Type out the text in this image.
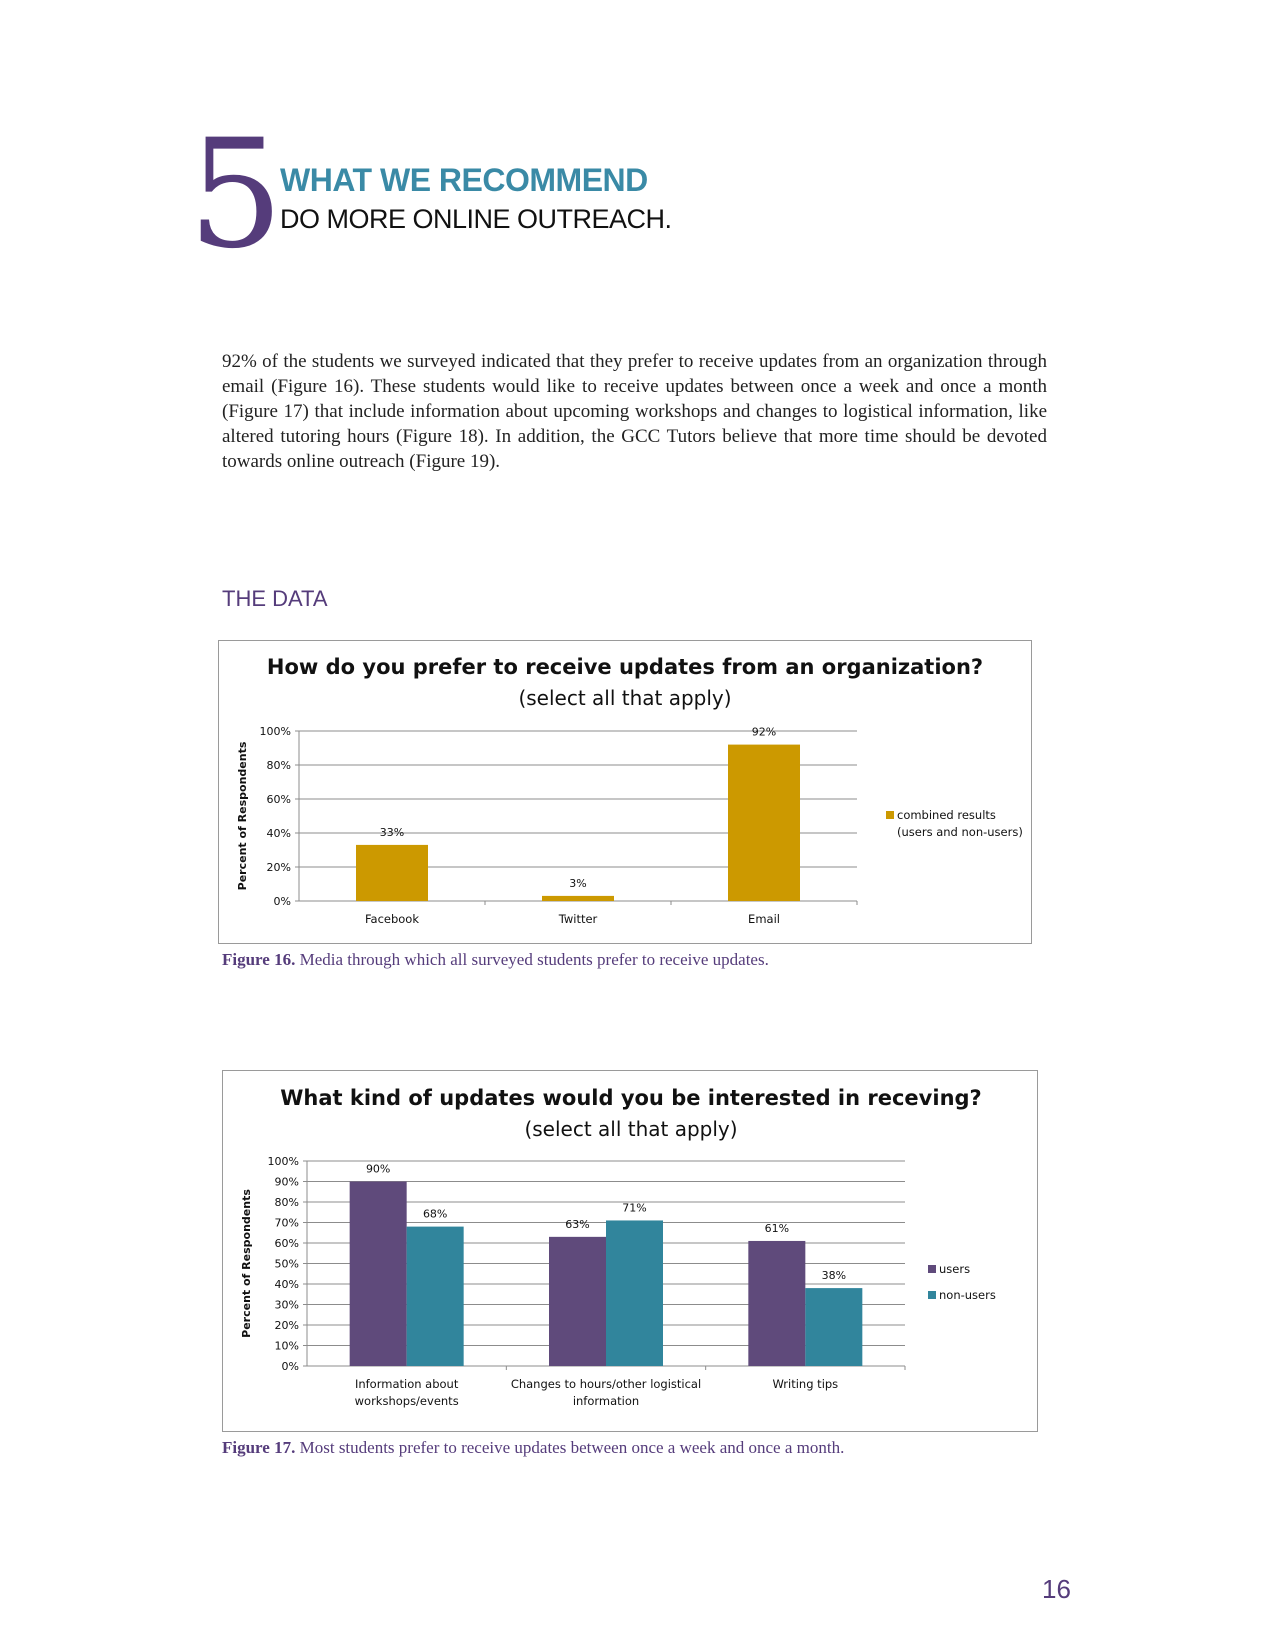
5
WHAT WE RECOMMEND
DO MORE ONLINE OUTREACH.

92% of the students we surveyed indicated that they prefer to receive updates from an organization through email (Figure 16). These students would like to receive updates between once a week and once a month (Figure 17) that include information about upcoming workshops and changes to logistical information, like altered tutoring hours (Figure 18). In addition, the GCC Tutors believe that more time should be devoted towards online outreach (Figure 19).

THE DATA
How do you prefer to receive updates from an organization?
(select all that apply)
0%
20%
40%
60%
80%
100%
Percent of Respondents	33%
Facebook
3%
Twitter
92%
Email
combined results
(users and non-users)
Figure 16. Media through which all surveyed students prefer to receive updates.
What kind of updates would you be interested in receving?
(select all that apply)
0%
10%
20%
30%
40%
50%
60%
70%
80%
90%
100%
Percent of Respondents
90%
68%
Information about
workshops/events
63%
71%
Changes to hours/other logistical
information
61%
38%
Writing tips
users
non-users
Figure 17. Most students prefer to receive updates between once a week and once a month.
16
